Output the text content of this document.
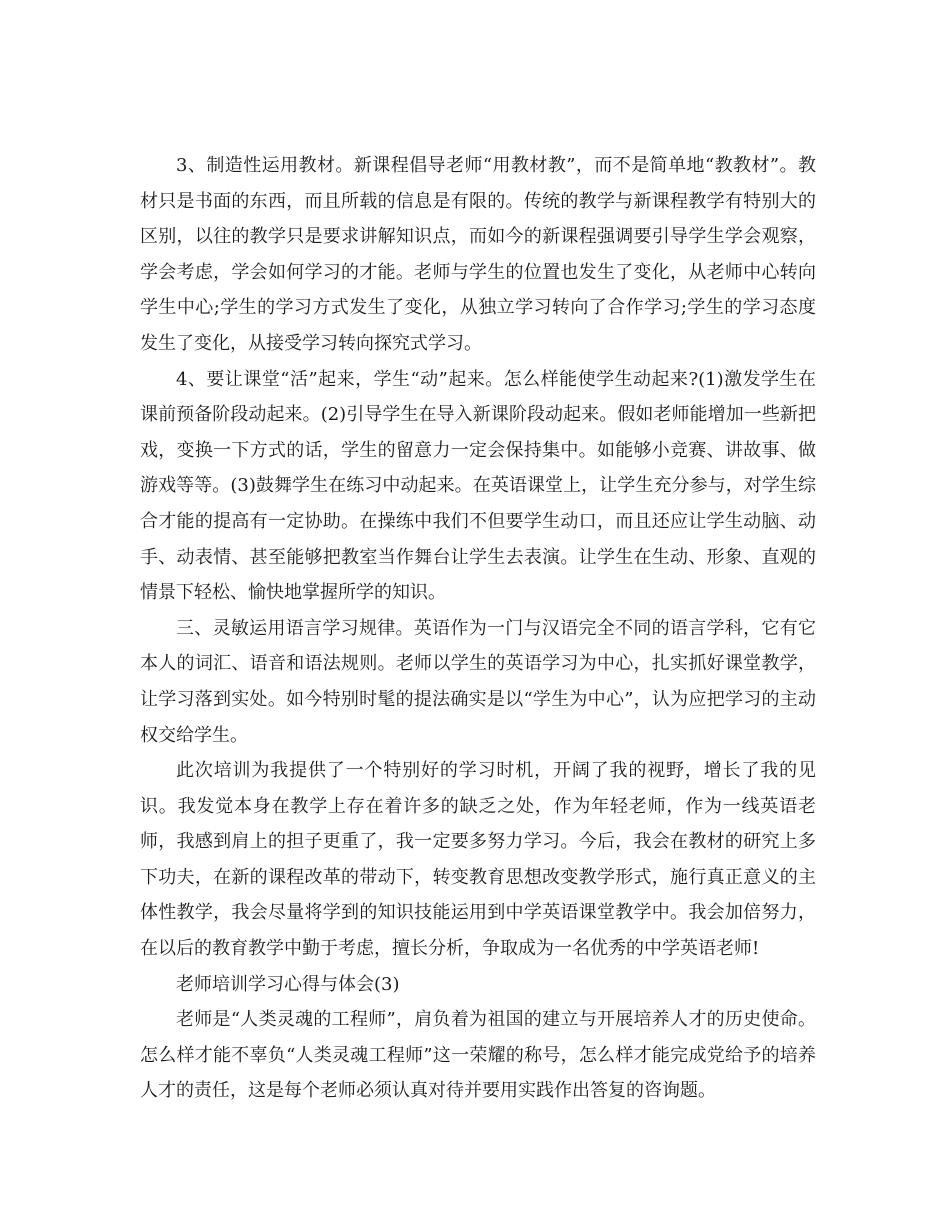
3、制造性运用教材。新课程倡导老师“用教材教”，而不是简单地“教教材”。教材只是书面的东西，而且所载的信息是有限的。传统的教学与新课程教学有特别大的区别，以往的教学只是要求讲解知识点，而如今的新课程强调要引导学生学会观察，学会考虑，学会如何学习的才能。老师与学生的位置也发生了变化，从老师中心转向学生中心;学生的学习方式发生了变化，从独立学习转向了合作学习;学生的学习态度发生了变化，从接受学习转向探究式学习。

4、要让课堂“活”起来，学生“动”起来。怎么样能使学生动起来?(1)激发学生在课前预备阶段动起来。(2)引导学生在导入新课阶段动起来。假如老师能增加一些新把戏，变换一下方式的话，学生的留意力一定会保持集中。如能够小竞赛、讲故事、做游戏等等。(3)鼓舞学生在练习中动起来。在英语课堂上，让学生充分参与，对学生综合才能的提高有一定协助。在操练中我们不但要学生动口，而且还应让学生动脑、动手、动表情、甚至能够把教室当作舞台让学生去表演。让学生在生动、形象、直观的情景下轻松、愉快地掌握所学的知识。

三、灵敏运用语言学习规律。英语作为一门与汉语完全不同的语言学科，它有它本人的词汇、语音和语法规则。老师以学生的英语学习为中心，扎实抓好课堂教学，让学习落到实处。如今特别时髦的提法确实是以“学生为中心”，认为应把学习的主动权交给学生。

此次培训为我提供了一个特别好的学习时机，开阔了我的视野，增长了我的见识。我发觉本身在教学上存在着许多的缺乏之处，作为年轻老师，作为一线英语老师，我感到肩上的担子更重了，我一定要多努力学习。今后，我会在教材的研究上多下功夫，在新的课程改革的带动下，转变教育思想改变教学形式，施行真正意义的主体性教学，我会尽量将学到的知识技能运用到中学英语课堂教学中。我会加倍努力，在以后的教育教学中勤于考虑，擅长分析，争取成为一名优秀的中学英语老师!

老师培训学习心得与体会(3)

老师是“人类灵魂的工程师”，肩负着为祖国的建立与开展培养人才的历史使命。怎么样才能不辜负“人类灵魂工程师”这一荣耀的称号，怎么样才能完成党给予的培养人才的责任，这是每个老师必须认真对待并要用实践作出答复的咨询题。
